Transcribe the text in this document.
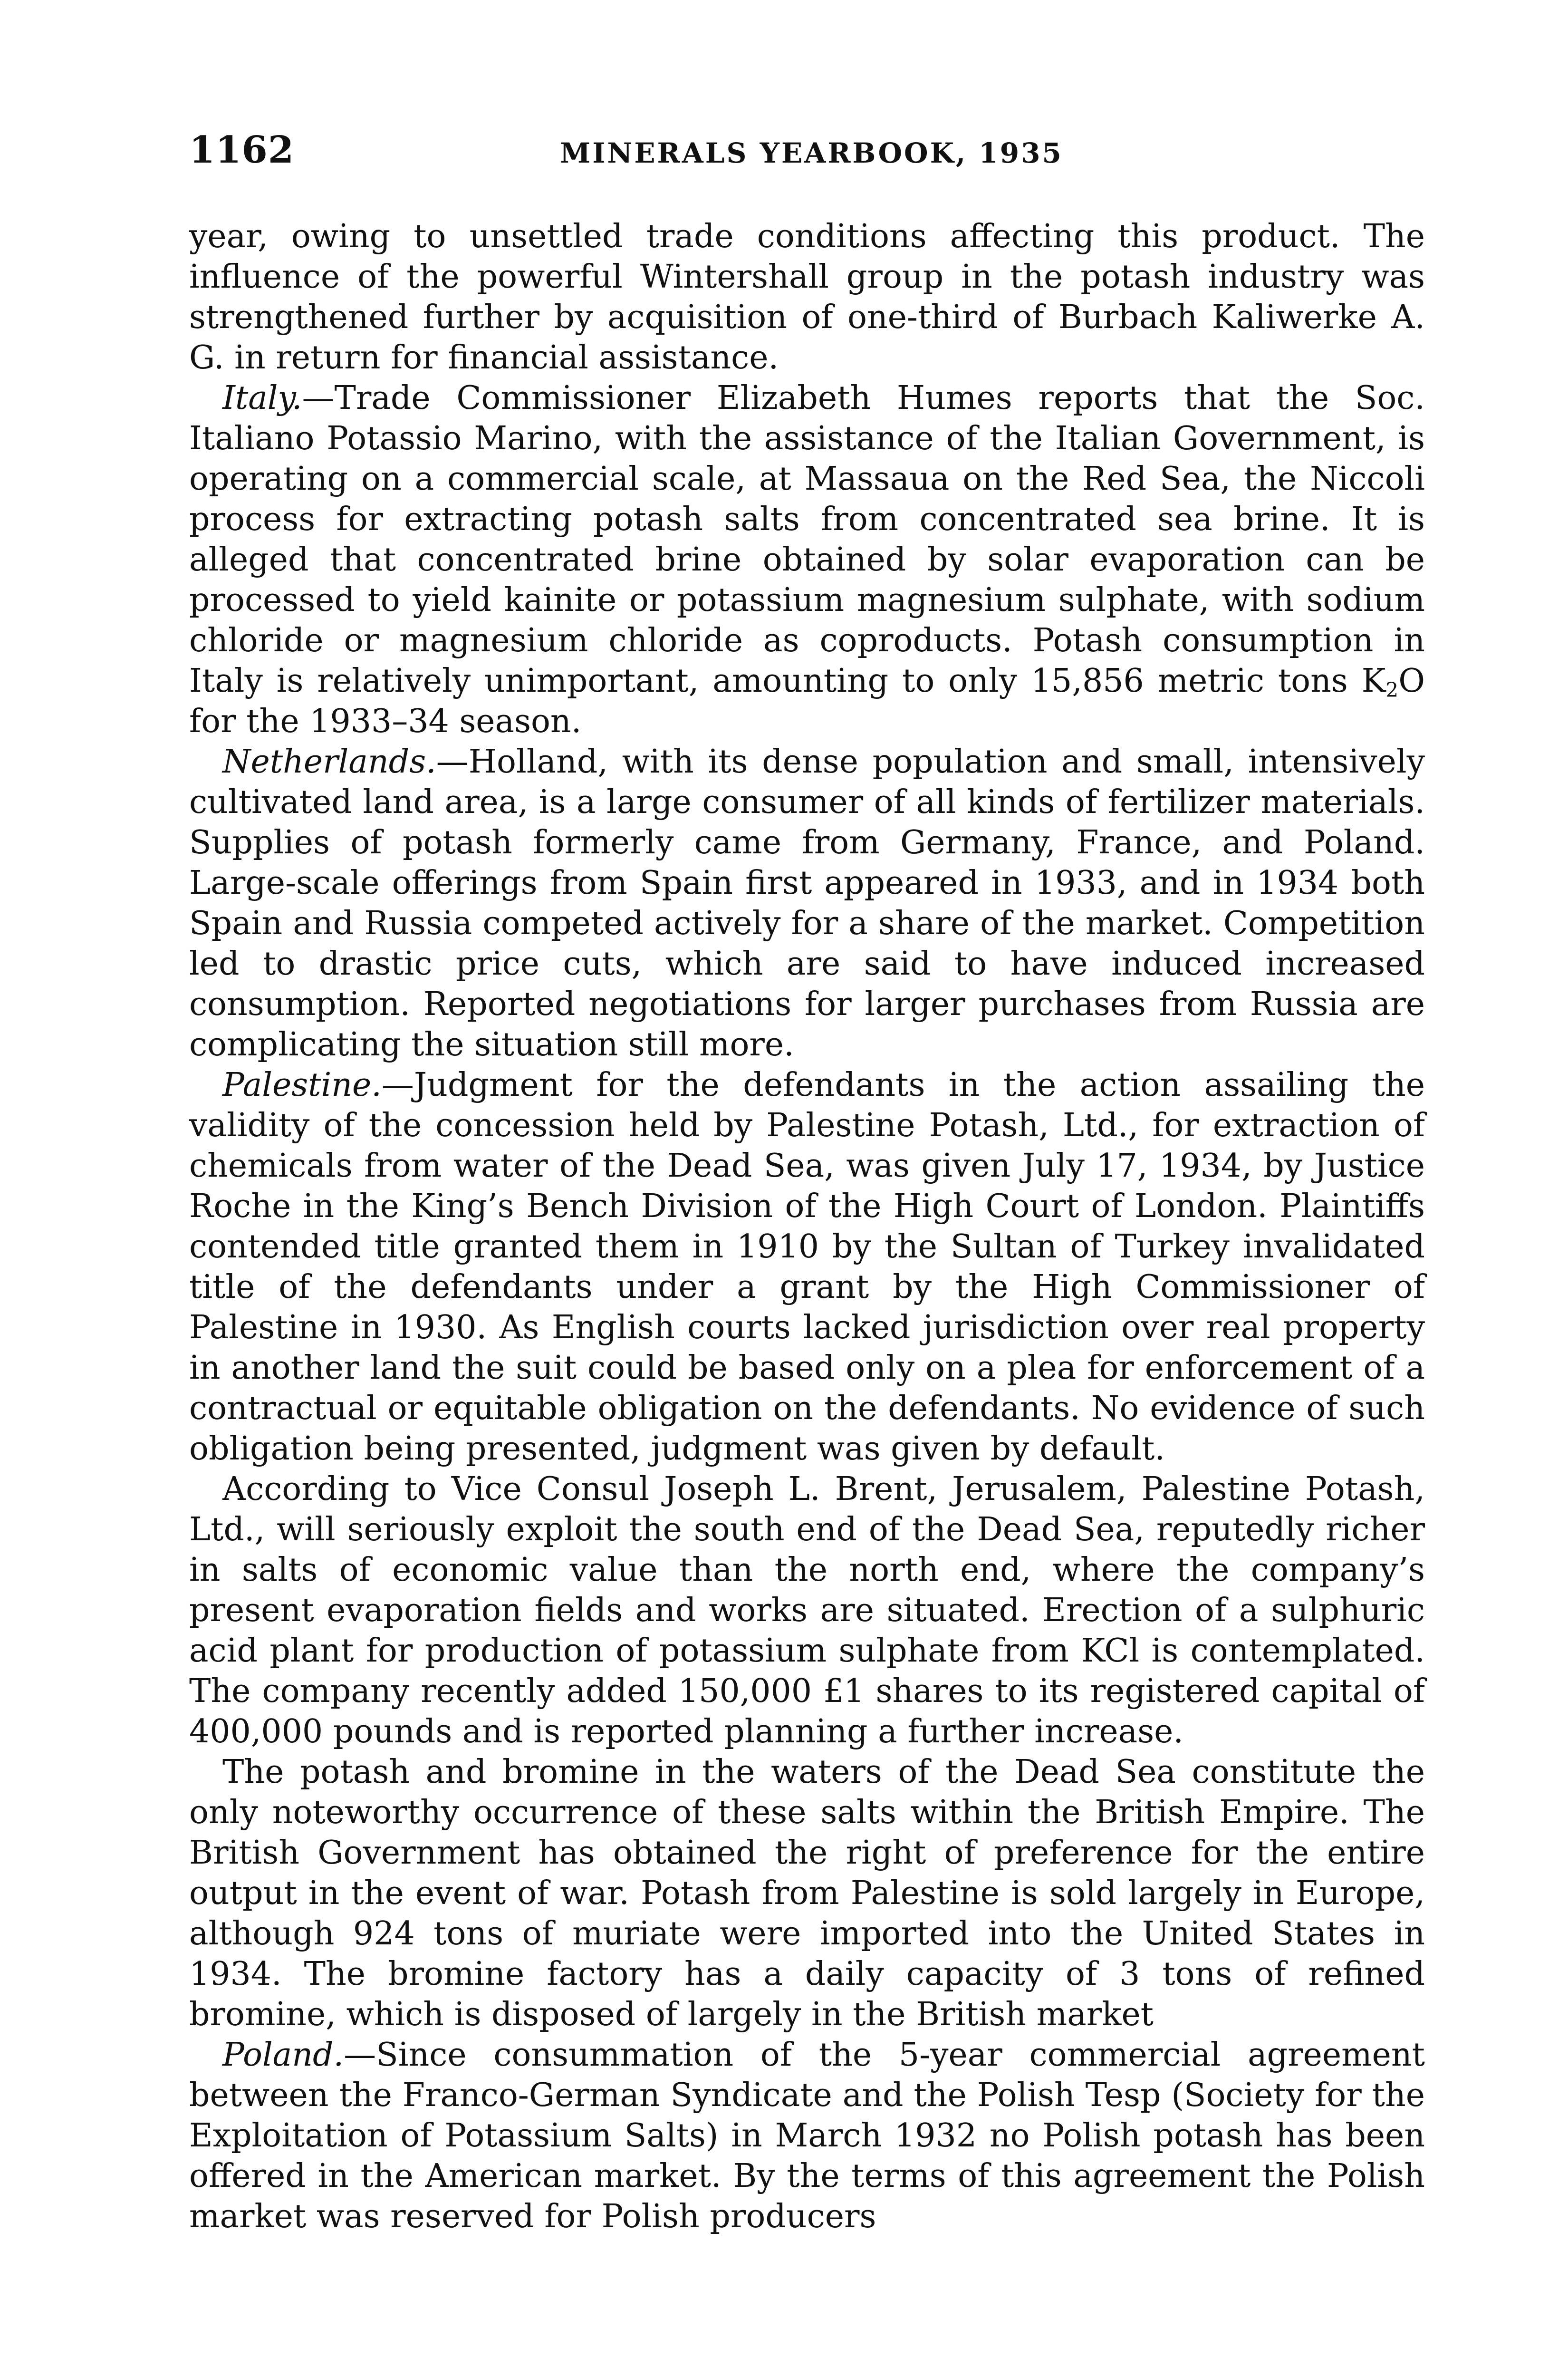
1162	MINERALS YEARBOOK, 1935

year, owing to unsettled trade conditions affecting this product. The influence of the powerful Wintershall group in the potash industry was strengthened further by acquisition of one-third of Burbach Kaliwerke A. G. in return for financial assistance.

Italy.—Trade Commissioner Elizabeth Humes reports that the Soc. Italiano Potassio Marino, with the assistance of the Italian Government, is operating on a commercial scale, at Massaua on the Red Sea, the Niccoli process for extracting potash salts from concentrated sea brine. It is alleged that concentrated brine obtained by solar evaporation can be processed to yield kainite or potassium magnesium sulphate, with sodium chloride or magnesium chloride as coproducts. Potash consumption in Italy is relatively unimportant, amounting to only 15,856 metric tons $K_2O$ for the 1933–34 season.

Netherlands.—Holland, with its dense population and small, intensively cultivated land area, is a large consumer of all kinds of fertilizer materials. Supplies of potash formerly came from Germany, France, and Poland. Large-scale offerings from Spain first appeared in 1933, and in 1934 both Spain and Russia competed actively for a share of the market. Competition led to drastic price cuts, which are said to have induced increased consumption. Reported negotiations for larger purchases from Russia are complicating the situation still more.

Palestine.—Judgment for the defendants in the action assailing the validity of the concession held by Palestine Potash, Ltd., for extraction of chemicals from water of the Dead Sea, was given July 17, 1934, by Justice Roche in the King’s Bench Division of the High Court of London. Plaintiffs contended title granted them in 1910 by the Sultan of Turkey invalidated title of the defendants under a grant by the High Commissioner of Palestine in 1930. As English courts lacked jurisdiction over real property in another land the suit could be based only on a plea for enforcement of a contractual or equitable obligation on the defendants. No evidence of such obligation being presented, judgment was given by default.

According to Vice Consul Joseph L. Brent, Jerusalem, Palestine Potash, Ltd., will seriously exploit the south end of the Dead Sea, reputedly richer in salts of economic value than the north end, where the company’s present evaporation fields and works are situated. Erection of a sulphuric acid plant for production of potassium sulphate from KCl is contemplated. The company recently added 150,000 £1 shares to its registered capital of 400,000 pounds and is reported planning a further increase.

The potash and bromine in the waters of the Dead Sea constitute the only noteworthy occurrence of these salts within the British Empire. The British Government has obtained the right of preference for the entire output in the event of war. Potash from Palestine is sold largely in Europe, although 924 tons of muriate were imported into the United States in 1934. The bromine factory has a daily capacity of 3 tons of refined bromine, which is disposed of largely in the British market

Poland.—Since consummation of the 5-year commercial agreement between the Franco-German Syndicate and the Polish Tesp (Society for the Exploitation of Potassium Salts) in March 1932 no Polish potash has been offered in the American market. By the terms of this agreement the Polish market was reserved for Polish producers
